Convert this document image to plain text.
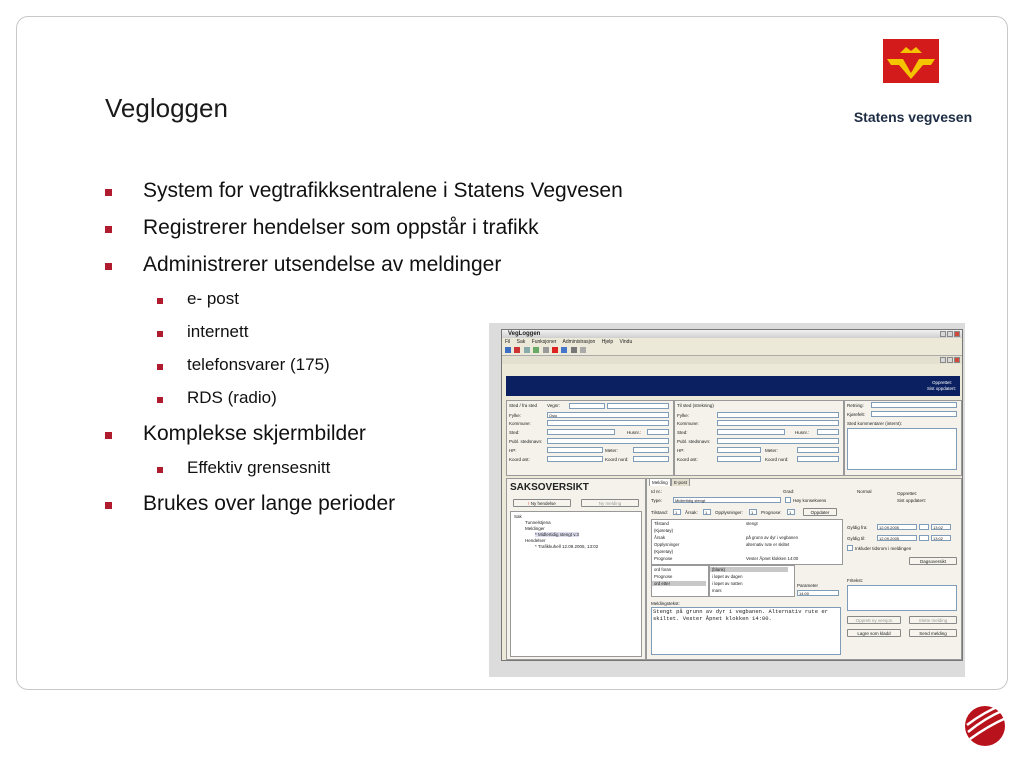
Vegloggen	Statens vegvesen
System for vegtrafikksentralene i Statens Vegvesen
Registrerer hendelser som oppstår i trafikk
Administrerer utsendelse av meldinger
e- post
internett
telefonsvarer (175)
RDS (radio)
Komplekse skjermbilder
Effektiv grensesnitt
Brukes over lange perioder
VegLoggen
Fil Sak Funksjoner Administrasjon Hjelp Vindu

Opprettet:
Sist oppdatert:
Sted / fra sted Vegnr:
Fylke:	Oslo
Kommune:
Sted:	Husnr.:
Publ. stedsnavn:
HP:	Meter:
Koord øst:	Koord nord:
Til sted (strekning)
Fylke:
Kommune:
Sted:	Husnr.:
Publ. stedsnavn:
HP:	Meter:
Koord øst:	Koord nord:
Retning:
Kjørefelt:
Sted kommentarer (internt):
SAKSOVERSIKT
! Ny hendelse	Ny melding
Sak
Tunnelstjena
Meldinger
* Midlertidig stengt v.3
Hendelser
* Trafikkuhell 12.09.2005, 13:02
Melding	E-post
Id nr.:	Grad:	Normal	Opprettet:
Sist oppdatert:
Type:	Midlertidig stengt	Høy konsekvens
Tilstand:	1	Årsak:	1	Opplysninger:	1	Prognose:	1	Oppdater
Tilstand	stengt
(Kjøretøy)
Årsak	på grunn av dyr i vegbanen
Opplysninger	alternativ rute er skiltet
(Kjøretøy)
Prognose	Vester Åpnet klokken 14:00
Gyldig fra:	12.09.2005	13:02
Gyldig til:	12.09.2005	13:02
Inkluder tidsrom i meldingen
Dagsoversikt
ord foran
Prognose
ord etter
(blank)
i løpet av dagen
i løpet av natten
mars
Parameter
14:00
Fritekst:
Meldingstekst:
Stengt på grunn av dyr i vegbanen. Alternativ rute er skiltet. Vester Åpnet klokken 14:00.	Opprett ny versjon	Slette melding
Lagre som kladd	Send melding
